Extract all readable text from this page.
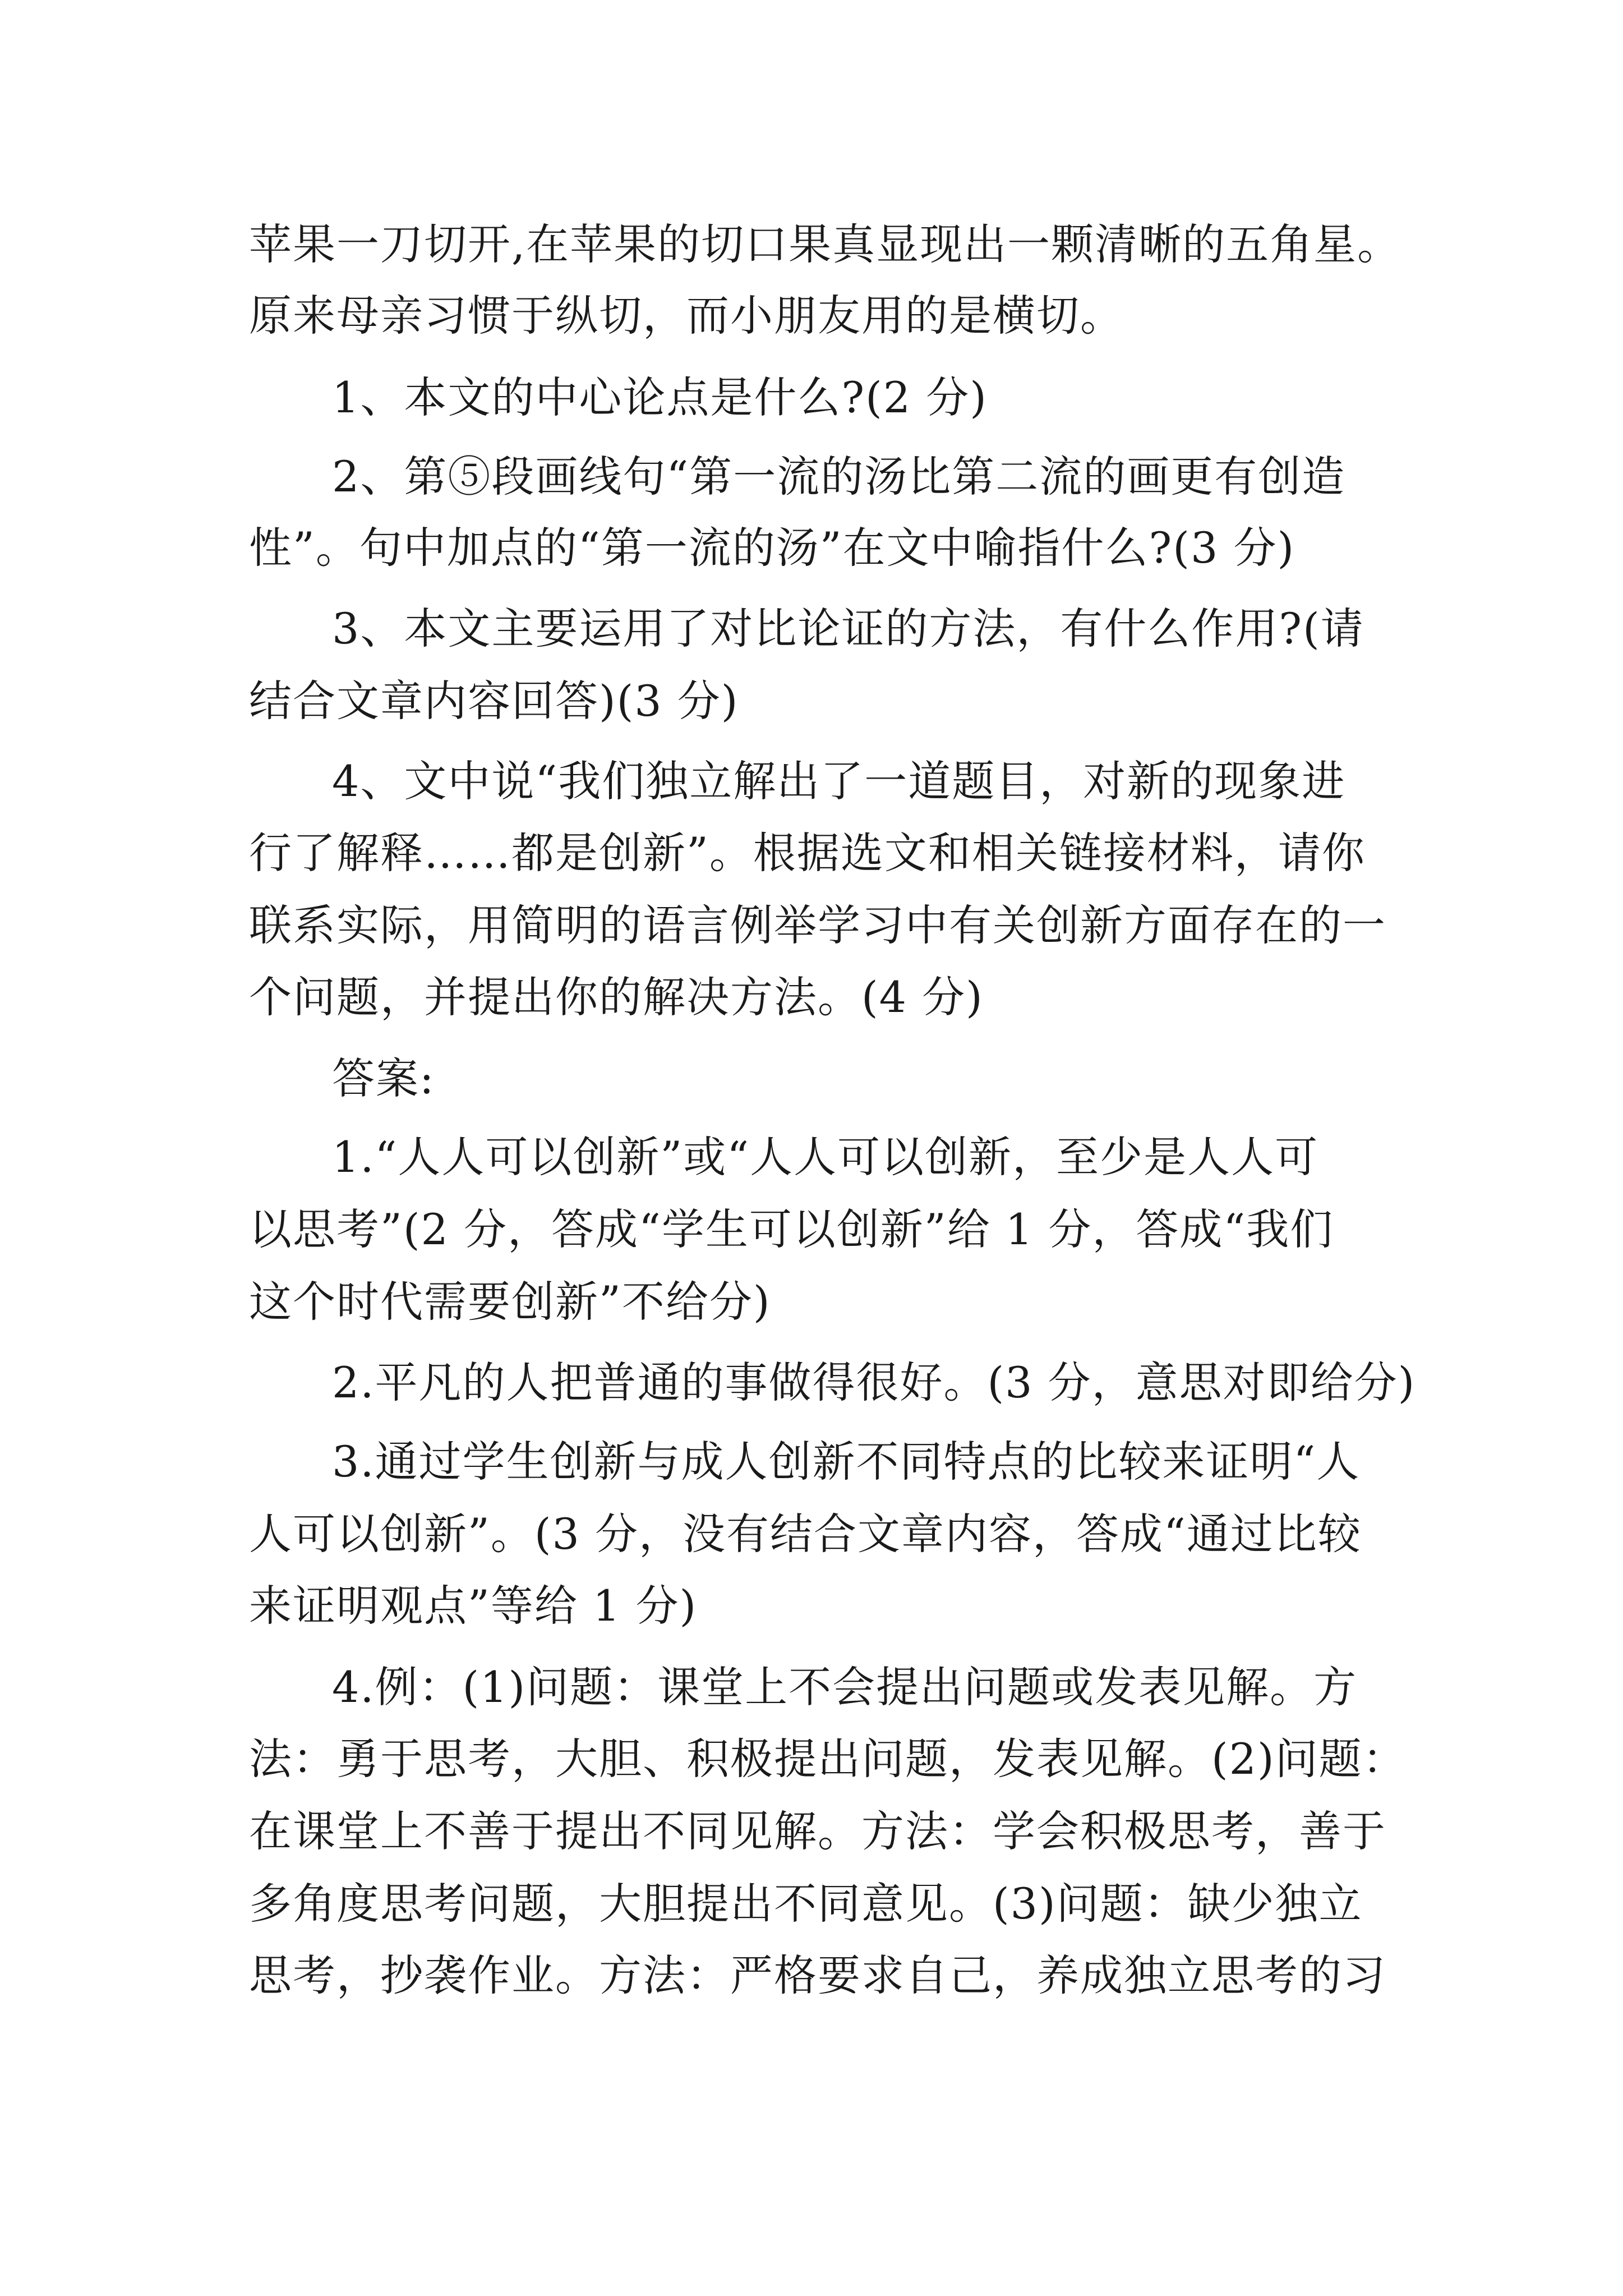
苹果一刀切开,在苹果的切口果真显现出一颗清晰的五角星。

原来母亲习惯于纵切，而小朋友用的是横切。

1、本文的中心论点是什么?(2 分)

2、第⑤段画线句“第一流的汤比第二流的画更有创造

性”。句中加点的“第一流的汤”在文中喻指什么?(3 分)

3、本文主要运用了对比论证的方法，有什么作用?(请

结合文章内容回答)(3 分)

4、文中说“我们独立解出了一道题目，对新的现象进

行了解释……都是创新”。根据选文和相关链接材料，请你

联系实际，用简明的语言例举学习中有关创新方面存在的一

个问题，并提出你的解决方法。(4 分)

答案:

1.“人人可以创新”或“人人可以创新，至少是人人可

以思考”(2 分，答成“学生可以创新”给 1 分，答成“我们

这个时代需要创新”不给分)

2.平凡的人把普通的事做得很好。(3 分，意思对即给分)

3.通过学生创新与成人创新不同特点的比较来证明“人

人可以创新”。(3 分，没有结合文章内容，答成“通过比较

来证明观点”等给 1 分)

4.例：(1)问题：课堂上不会提出问题或发表见解。方

法：勇于思考，大胆、积极提出问题，发表见解。(2)问题：

在课堂上不善于提出不同见解。方法：学会积极思考，善于

多角度思考问题，大胆提出不同意见。(3)问题：缺少独立

思考，抄袭作业。方法：严格要求自己，养成独立思考的习
